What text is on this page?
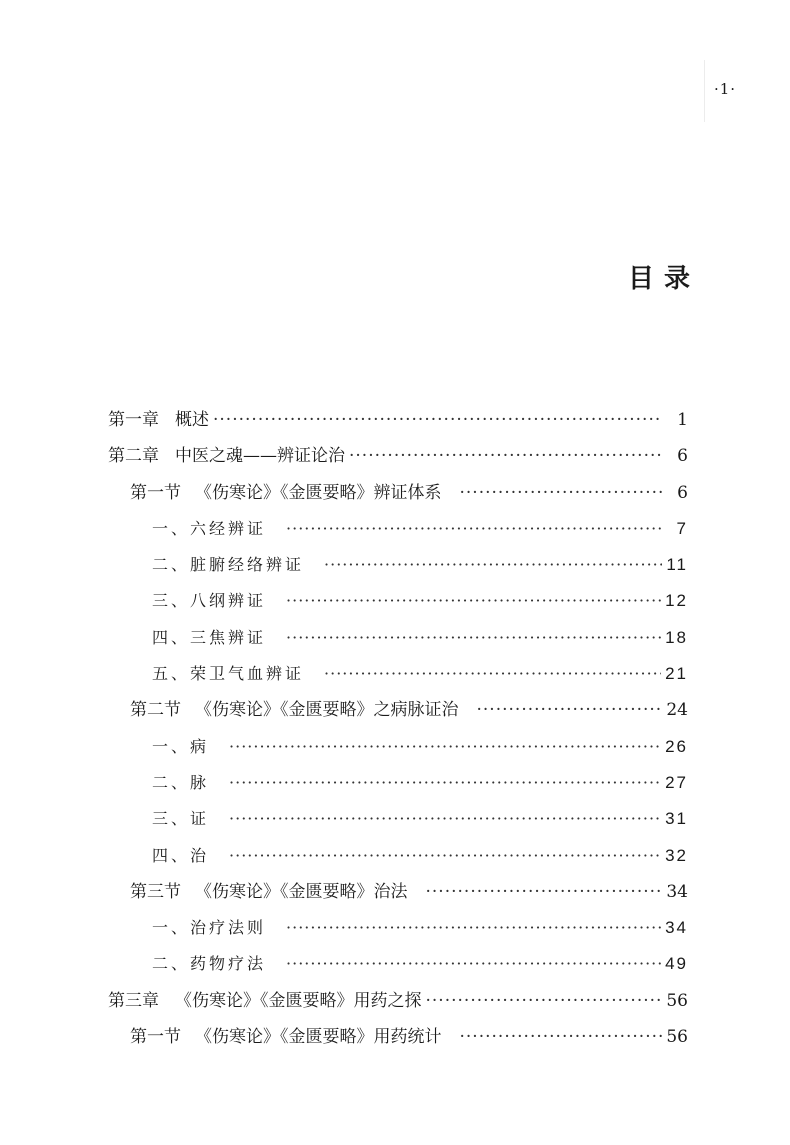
·1·
目录
第一章 概述 ·····	1
第二章 中医之魂——辨证论治 ·····	6
第一节 《伤寒论》《金匮要略》辨证体系 ·····	6
一、六经辨证 ·····	7
二、脏腑经络辨证 ·····	11
三、八纲辨证 ·····	12
四、三焦辨证 ·····	18
五、荣卫气血辨证 ·····	21
第二节 《伤寒论》《金匮要略》之病脉证治 ·····	24
一、病 ·····	26
二、脉 ·····	27
三、证 ·····	31
四、治 ·····	32
第三节 《伤寒论》《金匮要略》治法 ·····	34
一、治疗法则 ·····	34
二、药物疗法 ·····	49
第三章 《伤寒论》《金匮要略》用药之探 ·····	56
第一节 《伤寒论》《金匮要略》用药统计 ·····	56
